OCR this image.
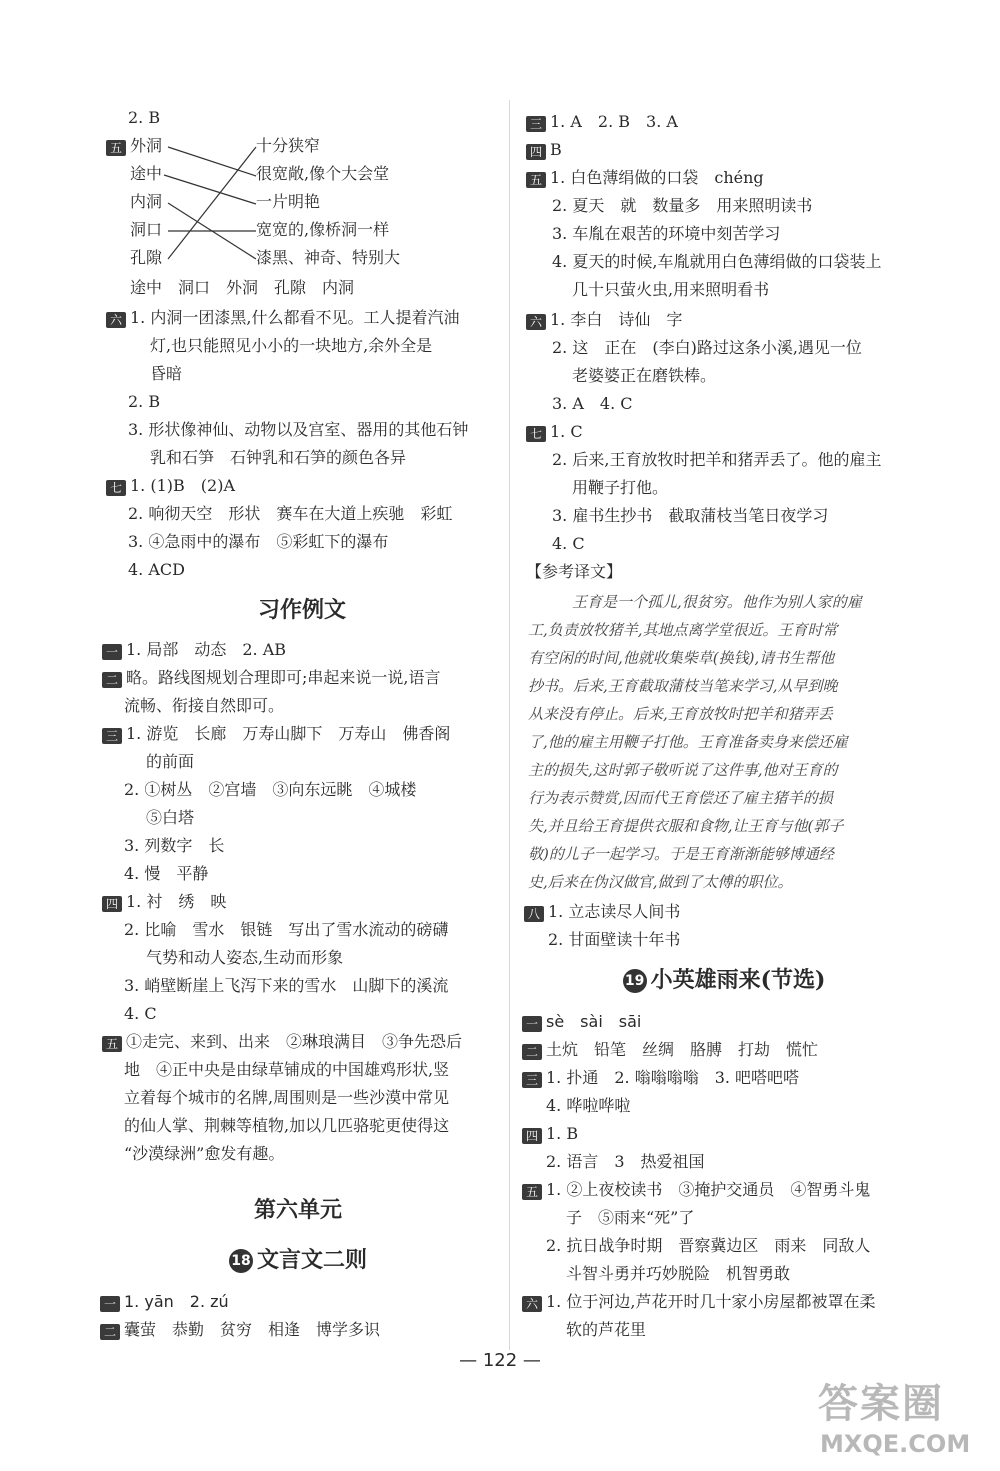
2. B
五 外洞
途中
内洞
洞口
孔隙
十分狭窄
很宽敞,像个大会堂
一片明艳
宽宽的,像桥洞一样
漆黑、神奇、特别大
途中　洞口　外洞　孔隙　内洞
六 1. 内洞一团漆黑,什么都看不见。工人提着汽油
灯,也只能照见小小的一块地方,余外全是
昏暗
2. B
3. 形状像神仙、动物以及宫室、器用的其他石钟
乳和石笋　石钟乳和石笋的颜色各异
七 1. (1)B　(2)A
2. 响彻天空　形状　赛车在大道上疾驰　彩虹
3. ④急雨中的瀑布　⑤彩虹下的瀑布
4. ACD
习作例文
一 1. 局部　动态　2. AB
二 略。路线图规划合理即可;串起来说一说,语言
流畅、衔接自然即可。
三 1. 游览　长廊　万寿山脚下　万寿山　佛香阁
的前面
2. ①树丛　②宫墙　③向东远眺　④城楼
⑤白塔
3. 列数字　长
4. 慢　平静
四 1. 衬　绣　映
2. 比喻　雪水　银链　写出了雪水流动的磅礴
气势和动人姿态,生动而形象
3. 峭壁断崖上飞泻下来的雪水　山脚下的溪流
4. C
五 ①走完、来到、出来　②琳琅满目　③争先恐后
地　④正中央是由绿草铺成的中国雄鸡形状,竖
立着每个城市的名牌,周围则是一些沙漠中常见
的仙人掌、荆棘等植物,加以几匹骆驼更使得这
“沙漠绿洲”愈发有趣。
第六单元
18 文言文二则
一 1. yān　2. zú
二 囊萤　恭勤　贫穷　相逢　博学多识
三 1. A　2. B　3. A
四 B
五 1. 白色薄绢做的口袋　chéng
2. 夏天　就　数量多　用来照明读书
3. 车胤在艰苦的环境中刻苦学习
4. 夏天的时候,车胤就用白色薄绢做的口袋装上
几十只萤火虫,用来照明看书
六 1. 李白　诗仙　字
2. 这　正在　(李白)路过这条小溪,遇见一位
老婆婆正在磨铁棒。
3. A　4. C
七 1. C
2. 后来,王育放牧时把羊和猪弄丢了。他的雇主
用鞭子打他。
3. 雇书生抄书　截取蒲枝当笔日夜学习
4. C
【参考译文】
王育是一个孤儿,很贫穷。他作为别人家的雇
工,负责放牧猪羊,其地点离学堂很近。王育时常
有空闲的时间,他就收集柴草(换钱),请书生帮他
抄书。后来,王育截取蒲枝当笔来学习,从早到晚
从来没有停止。后来,王育放牧时把羊和猪弄丢
了,他的雇主用鞭子打他。王育准备卖身来偿还雇
主的损失,这时郭子敬听说了这件事,他对王育的
行为表示赞赏,因而代王育偿还了雇主猪羊的损
失,并且给王育提供衣服和食物,让王育与他(郭子
敬)的儿子一起学习。于是王育渐渐能够博通经
史,后来在伪汉做官,做到了太傅的职位。
八 1. 立志读尽人间书
2. 甘面壁读十年书
19 小英雄雨来(节选)
一 sè　sài　sāi
二 土炕　铅笔　丝绸　胳膊　打劫　慌忙
三 1. 扑通　2. 嗡嗡嗡嗡　3. 吧嗒吧嗒
4. 哗啦哗啦
四 1. B
2. 语言　3　热爱祖国
五 1. ②上夜校读书　③掩护交通员　④智勇斗鬼
子　⑤雨来“死”了
2. 抗日战争时期　晋察冀边区　雨来　同敌人
斗智斗勇并巧妙脱险　机智勇敢
六 1. 位于河边,芦花开时几十家小房屋都被罩在柔
软的芦花里
— 122 —
答案圈
MXQE.COM
